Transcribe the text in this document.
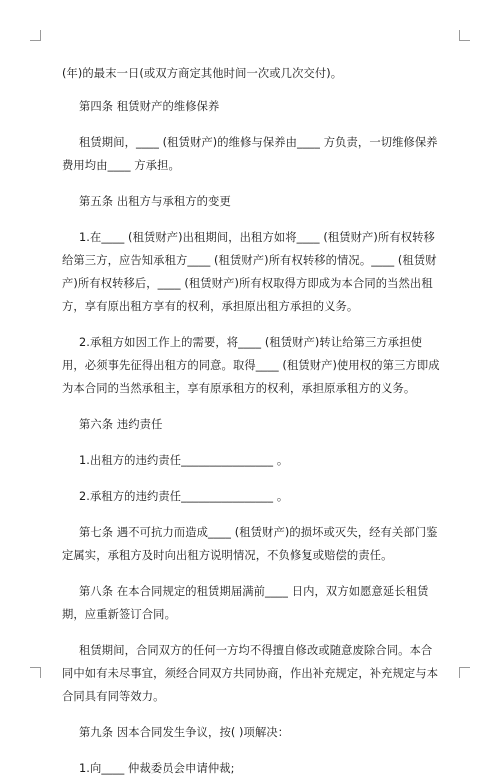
(年)的最末一日(或双方商定其他时间一次或几次交付)。

第四条 租赁财产的维修保养

租赁期间，____ (租赁财产)的维修与保养由____ 方负责，一切维修保养费用均由____ 方承担。

第五条 出租方与承租方的变更

1.在____ (租赁财产)出租期间，出租方如将____ (租赁财产)所有权转移给第三方，应告知承租方____ (租赁财产)所有权转移的情况。____ (租赁财产)所有权转移后，____ (租赁财产)所有权取得方即成为本合同的当然出租方，享有原出租方享有的权利，承担原出租方承担的义务。

2.承租方如因工作上的需要，将____ (租赁财产)转让给第三方承担使用，必须事先征得出租方的同意。取得____ (租赁财产)使用权的第三方即成为本合同的当然承租主，享有原承租方的权利，承担原承租方的义务。

第六条 违约责任

1.出租方的违约责任________________ 。

2.承租方的违约责任________________ 。

第七条 遇不可抗力而造成____ (租赁财产)的损坏或灭失，经有关部门鉴定属实，承租方及时向出租方说明情况，不负修复或赔偿的责任。

第八条 在本合同规定的租赁期届满前____ 日内，双方如愿意延长租赁期，应重新签订合同。

租赁期间，合同双方的任何一方均不得擅自修改或随意废除合同。本合同中如有未尽事宜，须经合同双方共同协商，作出补充规定，补充规定与本合同具有同等效力。

第九条 因本合同发生争议，按( )项解决：

1.向____ 仲裁委员会申请仲裁;
